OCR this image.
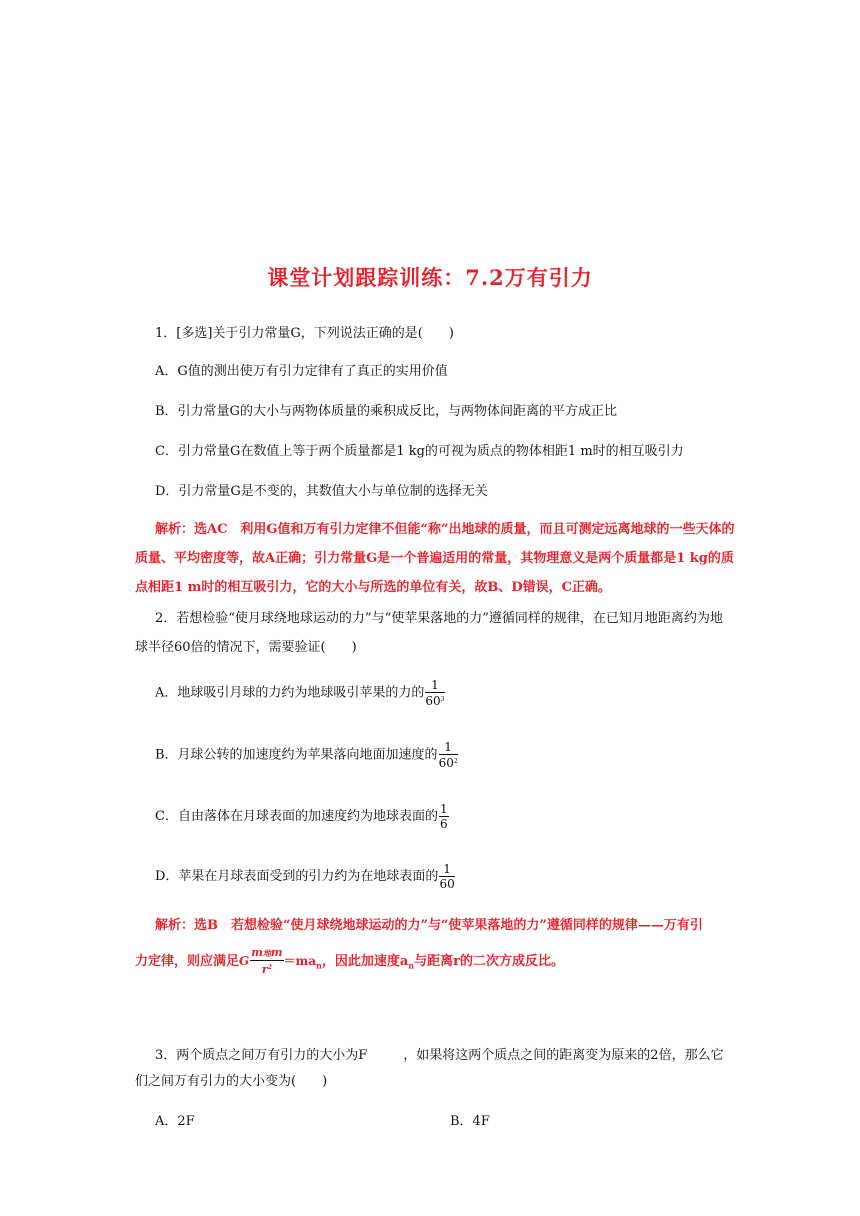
课堂计划跟踪训练：7.2万有引力
1．[多选]关于引力常量G，下列说法正确的是(　　)
A．G值的测出使万有引力定律有了真正的实用价值
B．引力常量G的大小与两物体质量的乘积成反比，与两物体间距离的平方成正比
C．引力常量G在数值上等于两个质量都是1 kg的可视为质点的物体相距1 m时的相互吸引力
D．引力常量G是不变的，其数值大小与单位制的选择无关
解析：选AC　利用G值和万有引力定律不但能“称”出地球的质量，而且可测定远离地球的一些天体的质量、平均密度等，故A正确；引力常量G是一个普遍适用的常量，其物理意义是两个质量都是1 kg的质点相距1 m时的相互吸引力，它的大小与所选的单位有关，故B、D错误，C正确。
2．若想检验“使月球绕地球运动的力”与“使苹果落地的力”遵循同样的规律，在已知月地距离约为地球半径60倍的情况下，需要验证(　　)
A．地球吸引月球的力约为地球吸引苹果的力的 $\frac{1}{60^3}$
B．月球公转的加速度约为苹果落向地面加速度的 $\frac{1}{60^2}$
C．自由落体在月球表面的加速度约为地球表面的 $\frac{1}{6}$
D．苹果在月球表面受到的引力约为在地球表面的 $\frac{1}{60}$
解析：选B　若想检验“使月球绕地球运动的力”与“使苹果落地的力”遵循同样的规律——万有引
力定律，则应满足G $\frac{\text{m地m}}{r^2} =ma_n$，因此加速度$a_n$与距离r的二次方成反比。
3．两个质点之间万有引力的大小为F	，如果将这两个质点之间的距离变为原来的2倍，那么它
们之间万有引力的大小变为(　　)
A．2F	B．4F
